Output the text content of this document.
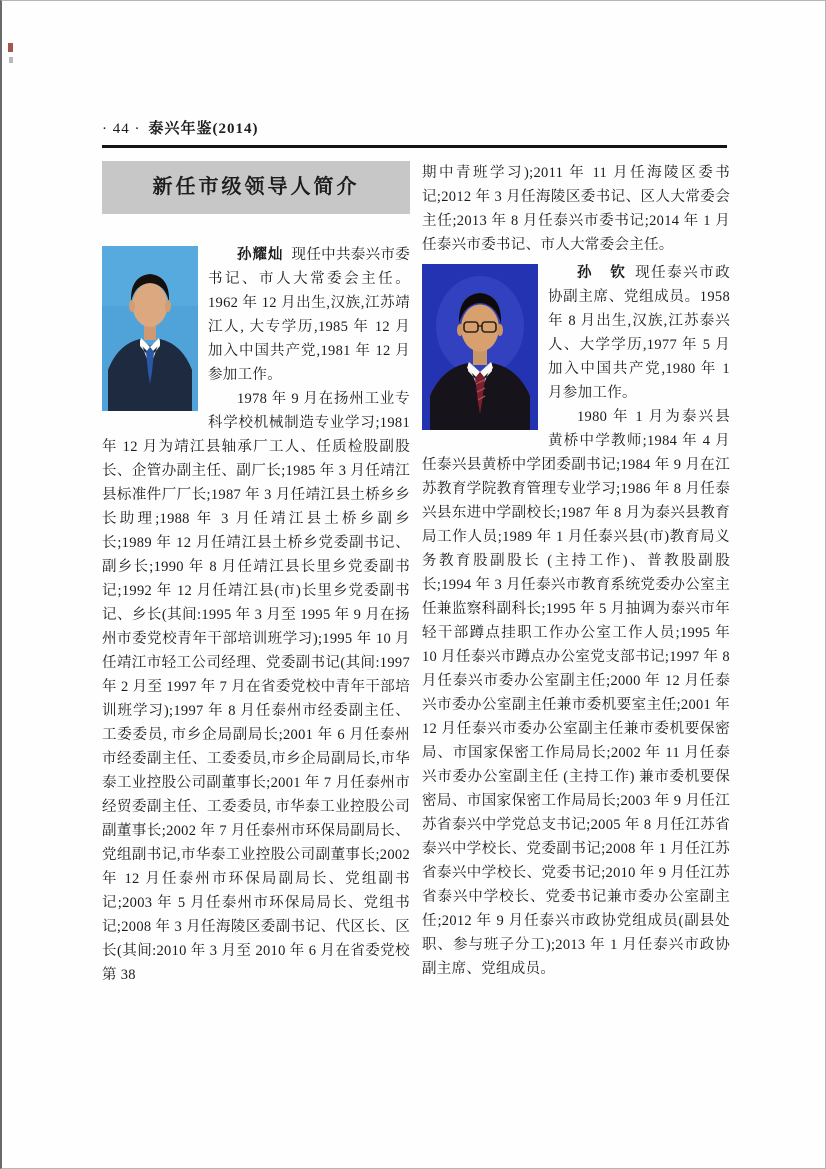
· 44 · 泰兴年鉴(2014)
新任市级领导人简介

孙耀灿 现任中共泰兴市委书记、市人大常委会主任。1962 年 12 月出生,汉族,江苏靖江人, 大专学历,1985 年 12 月加入中国共产党,1981 年 12 月参加工作。

1978 年 9 月在扬州工业专科学校机械制造专业学习;1981 年 12 月为靖江县轴承厂工人、任质检股副股长、企管办副主任、副厂长;1985 年 3 月任靖江县标准件厂厂长;1987 年 3 月任靖江县土桥乡乡长助理;1988 年 3 月任靖江县土桥乡副乡长;1989 年 12 月任靖江县土桥乡党委副书记、副乡长;1990 年 8 月任靖江县长里乡党委副书记;1992 年 12 月任靖江县(市)长里乡党委副书记、乡长(其间:1995 年 3 月至 1995 年 9 月在扬州市委党校青年干部培训班学习);1995 年 10 月任靖江市轻工公司经理、党委副书记(其间:1997 年 2 月至 1997 年 7 月在省委党校中青年干部培训班学习);1997 年 8 月任泰州市经委副主任、工委委员, 市乡企局副局长;2001 年 6 月任泰州市经委副主任、工委委员,市乡企局副局长,市华泰工业控股公司副董事长;2001 年 7 月任泰州市经贸委副主任、工委委员, 市华泰工业控股公司副董事长;2002 年 7 月任泰州市环保局副局长、党组副书记,市华泰工业控股公司副董事长;2002 年 12 月任泰州市环保局副局长、党组副书记;2003 年 5 月任泰州市环保局局长、党组书记;2008 年 3 月任海陵区委副书记、代区长、区长(其间:2010 年 3 月至 2010 年 6 月在省委党校第 38

期中青班学习);2011 年 11 月任海陵区委书记;2012 年 3 月任海陵区委书记、区人大常委会主任;2013 年 8 月任泰兴市委书记;2014 年 1 月任泰兴市委书记、市人大常委会主任。

孙　钦 现任泰兴市政协副主席、党组成员。1958 年 8 月出生,汉族,江苏泰兴人、大学学历,1977 年 5 月加入中国共产党,1980 年 1 月参加工作。

1980 年 1 月为泰兴县黄桥中学教师;1984 年 4 月任泰兴县黄桥中学团委副书记;1984 年 9 月在江苏教育学院教育管理专业学习;1986 年 8 月任泰兴县东进中学副校长;1987 年 8 月为泰兴县教育局工作人员;1989 年 1 月任泰兴县(市)教育局义务教育股副股长 (主持工作)、普教股副股长;1994 年 3 月任泰兴市教育系统党委办公室主任兼监察科副科长;1995 年 5 月抽调为泰兴市年轻干部蹲点挂职工作办公室工作人员;1995 年 10 月任泰兴市蹲点办公室党支部书记;1997 年 8 月任泰兴市委办公室副主任;2000 年 12 月任泰兴市委办公室副主任兼市委机要室主任;2001 年 12 月任泰兴市委办公室副主任兼市委机要保密局、市国家保密工作局局长;2002 年 11 月任泰兴市委办公室副主任 (主持工作) 兼市委机要保密局、市国家保密工作局局长;2003 年 9 月任江苏省泰兴中学党总支书记;2005 年 8 月任江苏省泰兴中学校长、党委副书记;2008 年 1 月任江苏省泰兴中学校长、党委书记;2010 年 9 月任江苏省泰兴中学校长、党委书记兼市委办公室副主任;2012 年 9 月任泰兴市政协党组成员(副县处职、参与班子分工);2013 年 1 月任泰兴市政协副主席、党组成员。
